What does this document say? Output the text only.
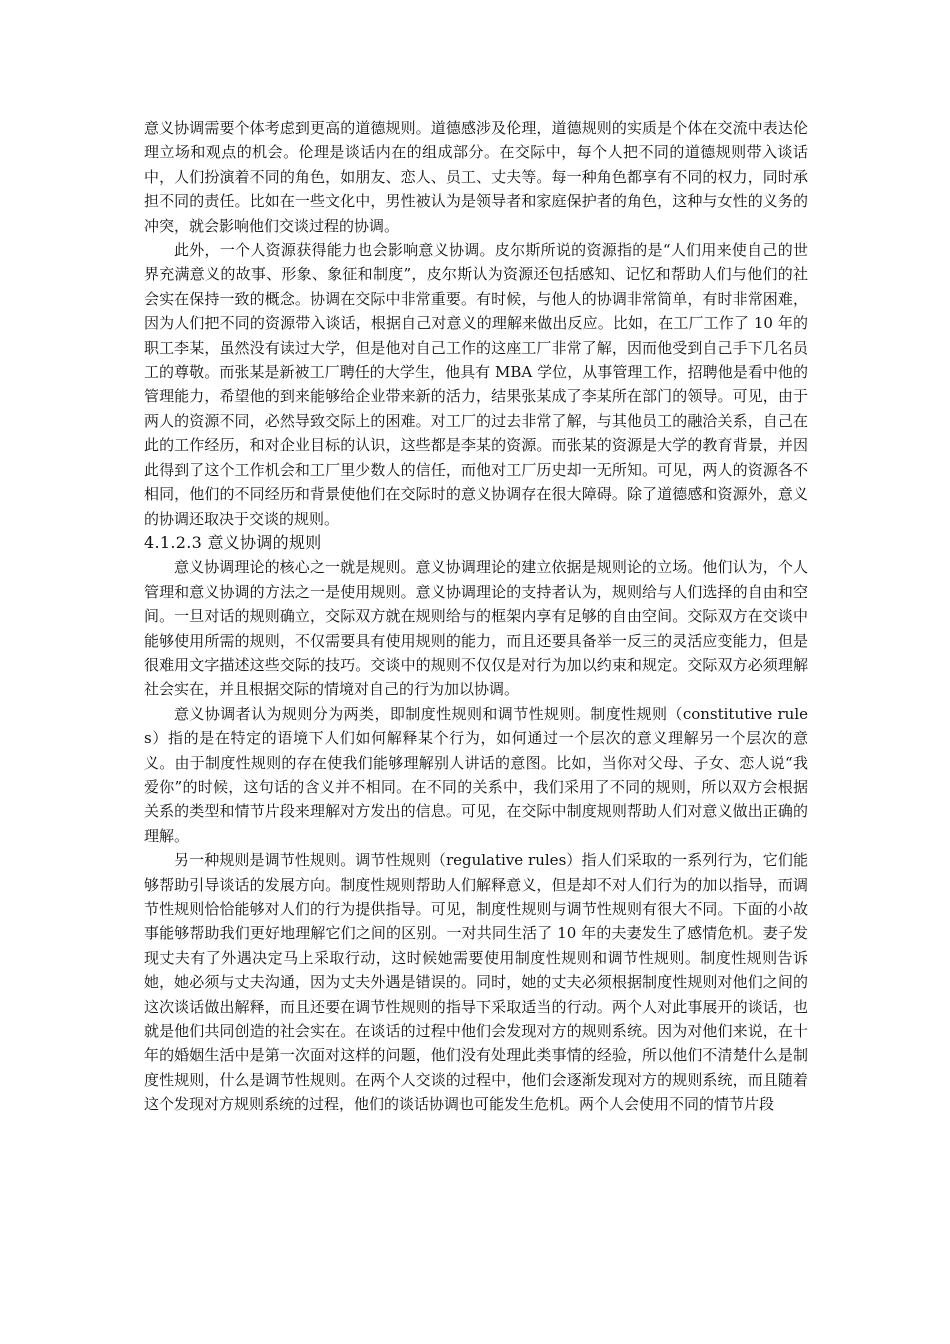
意义协调需要个体考虑到更高的道德规则。道德感涉及伦理，道德规则的实质是个体在交流中表达伦理立场和观点的机会。伦理是谈话内在的组成部分。在交际中，每个人把不同的道德规则带入谈话中，人们扮演着不同的角色，如朋友、恋人、员工、丈夫等。每一种角色都享有不同的权力，同时承担不同的责任。比如在一些文化中，男性被认为是领导者和家庭保护者的角色，这种与女性的义务的冲突，就会影响他们交谈过程的协调。

此外，一个人资源获得能力也会影响意义协调。皮尔斯所说的资源指的是“人们用来使自己的世界充满意义的故事、形象、象征和制度”，皮尔斯认为资源还包括感知、记忆和帮助人们与他们的社会实在保持一致的概念。协调在交际中非常重要。有时候，与他人的协调非常简单，有时非常困难，因为人们把不同的资源带入谈话，根据自己对意义的理解来做出反应。比如，在工厂工作了 10 年的职工李某，虽然没有读过大学，但是他对自己工作的这座工厂非常了解，因而他受到自己手下几名员工的尊敬。而张某是新被工厂聘任的大学生，他具有 MBA 学位，从事管理工作，招聘他是看中他的管理能力，希望他的到来能够给企业带来新的活力，结果张某成了李某所在部门的领导。可见，由于两人的资源不同，必然导致交际上的困难。对工厂的过去非常了解，与其他员工的融洽关系，自己在此的工作经历，和对企业目标的认识，这些都是李某的资源。而张某的资源是大学的教育背景，并因此得到了这个工作机会和工厂里少数人的信任，而他对工厂历史却一无所知。可见，两人的资源各不相同，他们的不同经历和背景使他们在交际时的意义协调存在很大障碍。除了道德感和资源外，意义的协调还取决于交谈的规则。

4.1.2.3 意义协调的规则

意义协调理论的核心之一就是规则。意义协调理论的建立依据是规则论的立场。他们认为，个人管理和意义协调的方法之一是使用规则。意义协调理论的支持者认为，规则给与人们选择的自由和空间。一旦对话的规则确立，交际双方就在规则给与的框架内享有足够的自由空间。交际双方在交谈中能够使用所需的规则，不仅需要具有使用规则的能力，而且还要具备举一反三的灵活应变能力，但是很难用文字描述这些交际的技巧。交谈中的规则不仅仅是对行为加以约束和规定。交际双方必须理解社会实在，并且根据交际的情境对自己的行为加以协调。

意义协调者认为规则分为两类，即制度性规则和调节性规则。制度性规则（constitutive rules）指的是在特定的语境下人们如何解释某个行为，如何通过一个层次的意义理解另一个层次的意义。由于制度性规则的存在使我们能够理解别人讲话的意图。比如，当你对父母、子女、恋人说“我爱你”的时候，这句话的含义并不相同。在不同的关系中，我们采用了不同的规则，所以双方会根据关系的类型和情节片段来理解对方发出的信息。可见，在交际中制度规则帮助人们对意义做出正确的理解。

另一种规则是调节性规则。调节性规则（regulative rules）指人们采取的一系列行为，它们能够帮助引导谈话的发展方向。制度性规则帮助人们解释意义，但是却不对人们行为的加以指导，而调节性规则恰恰能够对人们的行为提供指导。可见，制度性规则与调节性规则有很大不同。下面的小故事能够帮助我们更好地理解它们之间的区别。一对共同生活了 10 年的夫妻发生了感情危机。妻子发现丈夫有了外遇决定马上采取行动，这时候她需要使用制度性规则和调节性规则。制度性规则告诉她，她必须与丈夫沟通，因为丈夫外遇是错误的。同时，她的丈夫必须根据制度性规则对他们之间的这次谈话做出解释，而且还要在调节性规则的指导下采取适当的行动。两个人对此事展开的谈话，也就是他们共同创造的社会实在。在谈话的过程中他们会发现对方的规则系统。因为对他们来说，在十年的婚姻生活中是第一次面对这样的问题，他们没有处理此类事情的经验，所以他们不清楚什么是制度性规则，什么是调节性规则。在两个人交谈的过程中，他们会逐渐发现对方的规则系统，而且随着这个发现对方规则系统的过程，他们的谈话协调也可能发生危机。两个人会使用不同的情节片段
